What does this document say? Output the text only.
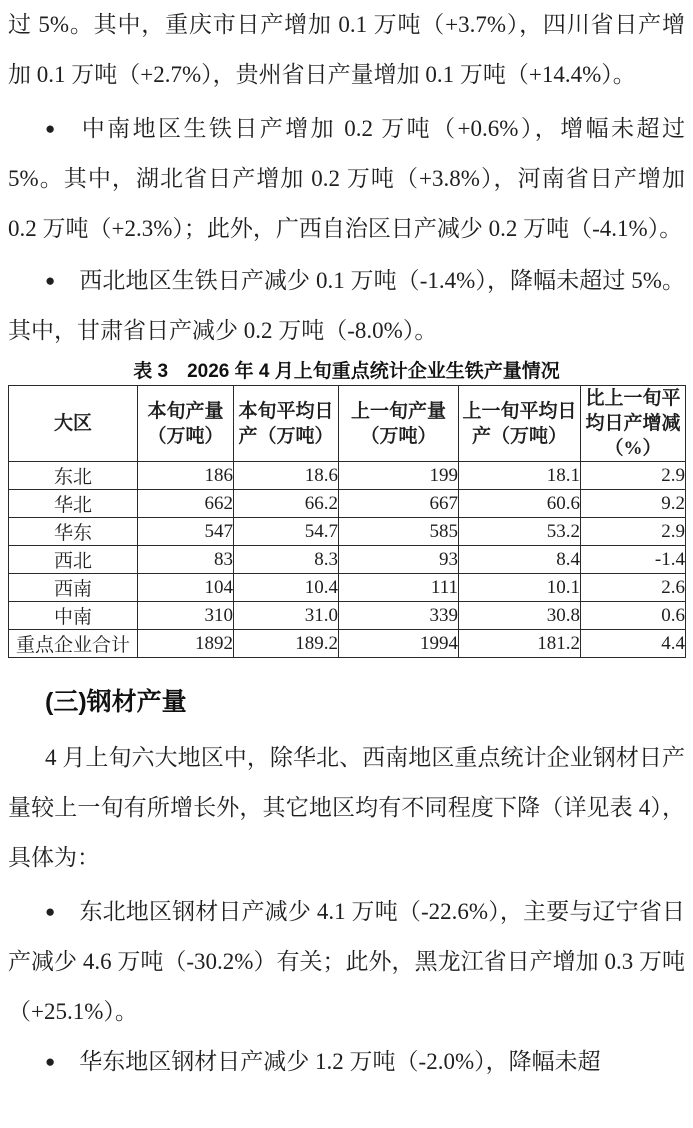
过 5%。其中，重庆市日产增加 0.1 万吨（+3.7%），四川省日产增加 0.1 万吨（+2.7%），贵州省日产量增加 0.1 万吨（+14.4%）。

● 中南地区生铁日产增加 0.2 万吨（+0.6%），增幅未超过 5%。其中，湖北省日产增加 0.2 万吨（+3.8%），河南省日产增加 0.2 万吨（+2.3%）；此外，广西自治区日产减少 0.2 万吨（-4.1%）。

● 西北地区生铁日产减少 0.1 万吨（-1.4%），降幅未超过 5%。其中，甘肃省日产减少 0.2 万吨（-8.0%）。

表 3　2026 年 4 月上旬重点统计企业生铁产量情况

大区	本旬产量（万吨）	本旬平均日产（万吨）	上一旬产量（万吨）	上一旬平均日产（万吨）	比上一旬平均日产增减（%）
东北	186	18.6	199	18.1	2.9
华北	662	66.2	667	60.6	9.2
华东	547	54.7	585	53.2	2.9
西北	83	8.3	93	8.4	-1.4
西南	104	10.4	111	10.1	2.6
中南	310	31.0	339	30.8	0.6
重点企业合计	1892	189.2	1994	181.2	4.4
(三)钢材产量

4 月上旬六大地区中，除华北、西南地区重点统计企业钢材日产量较上一旬有所增长外，其它地区均有不同程度下降（详见表 4），具体为：

● 东北地区钢材日产减少 4.1 万吨（-22.6%），主要与辽宁省日产减少 4.6 万吨（-30.2%）有关；此外，黑龙江省日产增加 0.3 万吨（+25.1%）。

● 华东地区钢材日产减少 1.2 万吨（-2.0%），降幅未超
